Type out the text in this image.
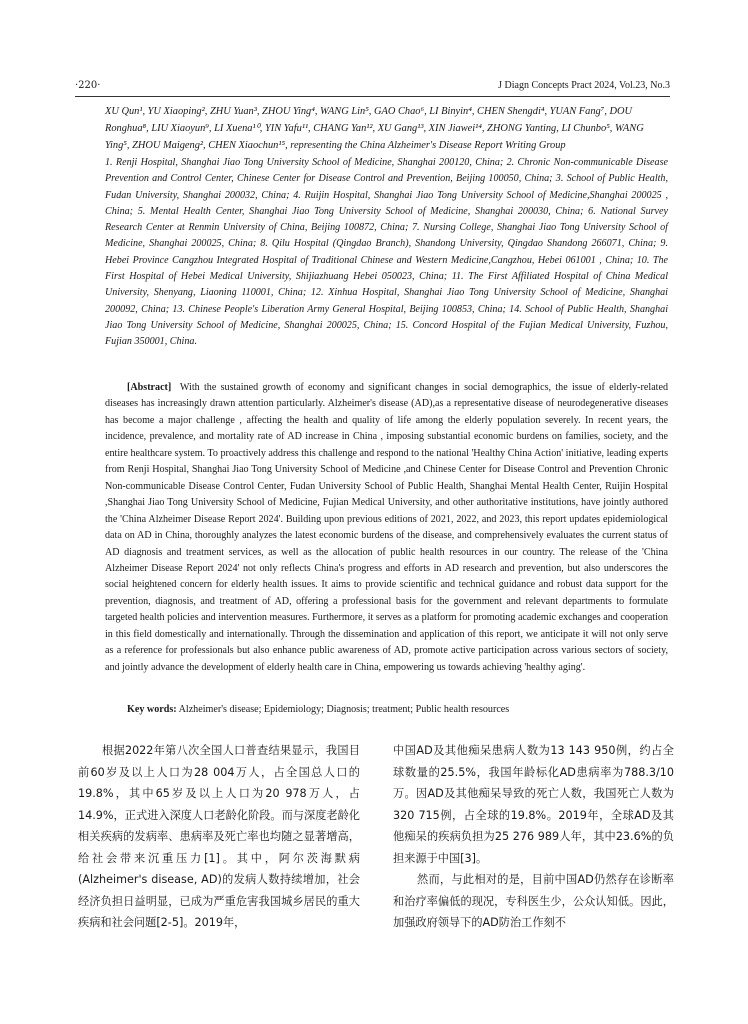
·220·	J Diagn Concepts Pract 2024, Vol.23, No.3
XU Qun¹, YU Xiaoping², ZHU Yuan³, ZHOU Ying⁴, WANG Lin⁵, GAO Chao⁶, LI Binyin⁴, CHEN Shengdi⁴, YUAN Fang⁷, DOU Ronghua⁸, LIU Xiaoyun⁹, LI Xuena¹⁰, YIN Yafu¹¹, CHANG Yan¹², XU Gang¹³, XIN Jiawei¹⁴, ZHONG Yanting, LI Chunbo⁵, WANG Ying⁵, ZHOU Maigeng², CHEN Xiaochun¹⁵, representing the China Alzheimer's Disease Report Writing Group
1. Renji Hospital, Shanghai Jiao Tong University School of Medicine, Shanghai 200120, China; 2. Chronic Non-communicable Disease Prevention and Control Center, Chinese Center for Disease Control and Prevention, Beijing 100050, China; 3. School of Public Health, Fudan University, Shanghai 200032, China; 4. Ruijin Hospital, Shanghai Jiao Tong University School of Medicine,Shanghai 200025 , China; 5. Mental Health Center, Shanghai Jiao Tong University School of Medicine, Shanghai 200030, China; 6. National Survey Research Center at Renmin University of China, Beijing 100872, China; 7. Nursing College, Shanghai Jiao Tong University School of Medicine, Shanghai 200025, China; 8. Qilu Hospital (Qingdao Branch), Shandong University, Qingdao Shandong 266071, China; 9. Hebei Province Cangzhou Integrated Hospital of Traditional Chinese and Western Medicine,Cangzhou, Hebei 061001 , China; 10. The First Hospital of Hebei Medical University, Shijiazhuang Hebei 050023, China; 11. The First Affiliated Hospital of China Medical University, Shenyang, Liaoning 110001, China; 12. Xinhua Hospital, Shanghai Jiao Tong University School of Medicine, Shanghai 200092, China; 13. Chinese People's Liberation Army General Hospital, Beijing 100853, China; 14. School of Public Health, Shanghai Jiao Tong University School of Medicine, Shanghai 200025, China; 15. Concord Hospital of the Fujian Medical University, Fuzhou, Fujian 350001, China.
[Abstract] With the sustained growth of economy and significant changes in social demographics, the issue of elderly-related diseases has increasingly drawn attention particularly. Alzheimer's disease (AD),as a representative disease of neurodegenerative diseases has become a major challenge , affecting the health and quality of life among the elderly population severely. In recent years, the incidence, prevalence, and mortality rate of AD increase in China , imposing substantial economic burdens on families, society, and the entire healthcare system. To proactively address this challenge and respond to the national 'Healthy China Action' initiative, leading experts from Renji Hospital, Shanghai Jiao Tong University School of Medicine ,and Chinese Center for Disease Control and Prevention Chronic Non-communicable Disease Control Center, Fudan University School of Public Health, Shanghai Mental Health Center, Ruijin Hospital ,Shanghai Jiao Tong University School of Medicine, Fujian Medical University, and other authoritative institutions, have jointly authored the 'China Alzheimer Disease Report 2024'. Building upon previous editions of 2021, 2022, and 2023, this report updates epidemiological data on AD in China, thoroughly analyzes the latest economic burdens of the disease, and comprehensively evaluates the current status of AD diagnosis and treatment services, as well as the allocation of public health resources in our country. The release of the 'China Alzheimer Disease Report 2024' not only reflects China's progress and efforts in AD research and prevention, but also underscores the social heightened concern for elderly health issues. It aims to provide scientific and technical guidance and robust data support for the prevention, diagnosis, and treatment of AD, offering a professional basis for the government and relevant departments to formulate targeted health policies and intervention measures. Furthermore, it serves as a platform for promoting academic exchanges and cooperation in this field domestically and internationally. Through the dissemination and application of this report, we anticipate it will not only serve as a reference for professionals but also enhance public awareness of AD, promote active participation across various sectors of society, and jointly advance the development of elderly health care in China, empowering us towards achieving 'healthy aging'.
Key words: Alzheimer's disease; Epidemiology; Diagnosis; treatment; Public health resources

根据2022年第八次全国人口普查结果显示，我国目前60岁及以上人口为28 004万人，占全国总人口的19.8%，其中65岁及以上人口为20 978万人，占14.9%，正式进入深度人口老龄化阶段。而与深度老龄化相关疾病的发病率、患病率及死亡率也均随之显著增高，给社会带来沉重压力[1]。其中，阿尔茨海默病(Alzheimer's disease, AD)的发病人数持续增加，社会经济负担日益明显，已成为严重危害我国城乡居民的重大疾病和社会问题[2-5]。2019年，

中国AD及其他痴呆患病人数为13 143 950例，约占全球数量的25.5%，我国年龄标化AD患病率为788.3/10万。因AD及其他痴呆导致的死亡人数，我国死亡人数为320 715例，占全球的19.8%。2019年，全球AD及其他痴呆的疾病负担为25 276 989人年，其中23.6%的负担来源于中国[3]。

然而，与此相对的是，目前中国AD仍然存在诊断率和治疗率偏低的现况，专科医生少，公众认知低。因此，加强政府领导下的AD防治工作刻不
